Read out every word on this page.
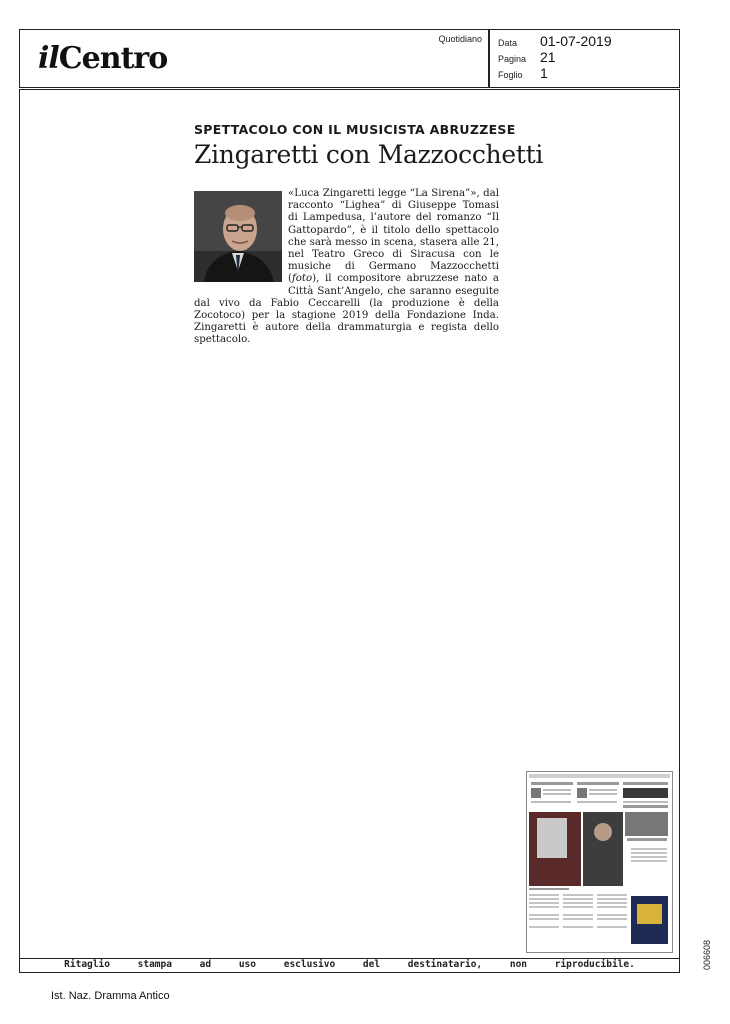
ilCentro
Quotidiano Data 01-07-2019
Pagina 21
Foglio 1
SPETTACOLO CON IL MUSICISTA ABRUZZESE
Zingaretti con Mazzocchetti

«Luca Zingaretti legge “La Sirena”», dal racconto “Lighea” di Giuseppe Tomasi di Lampedusa, l’autore del romanzo “Il Gattopardo”, è il titolo dello spettacolo che sarà messo in scena, stasera alle 21, nel Teatro Greco di Siracusa con le musiche di Germano Mazzocchetti (foto), il compositore abruzzese nato a Città Sant’Angelo, che saranno eseguite dal vivo da Fabio Ceccarelli (la produzione è della Zocotoco) per la stagione 2019 della Fondazione Inda. Zingaretti è autore della drammaturgia e regista dello spettacolo.

006608
Ritaglio stampa ad uso esclusivo del destinatario, non riproducibile.
Ist. Naz. Dramma Antico
